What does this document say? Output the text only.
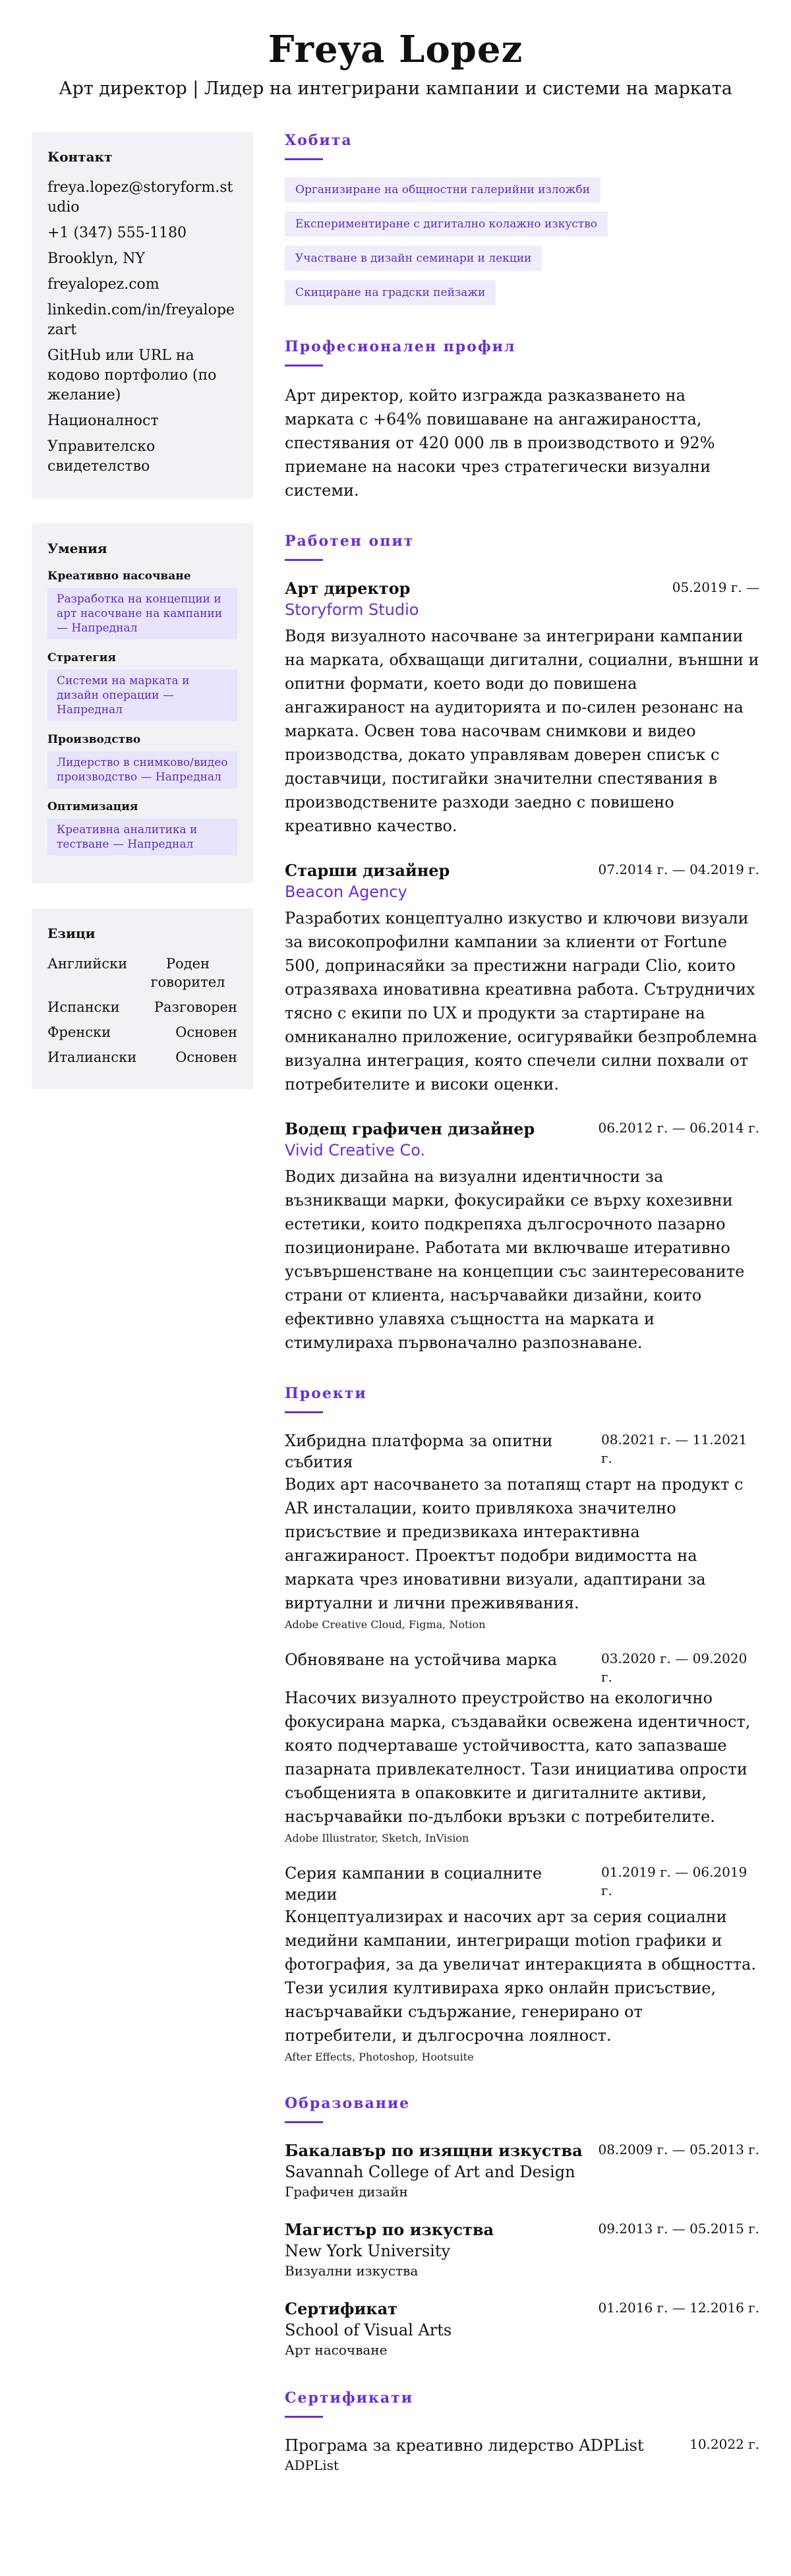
Freya Lopez
Арт директор | Лидер на интегрирани кампании и системи на марката
Контакт
freya.lopez@storyform.studio
+1 (347) 555-1180
Brooklyn, NY
freyalopez.com
linkedin.com/in/freyalopezart
GitHub или URL на кодово портфолио (по желание)
Националност
Управителско свидетелство
Умения
Креативно насочване
Разработка на концепции и арт насочване на кампании — Напреднал
Стратегия
Системи на марката и дизайн операции — Напреднал
Производство
Лидерство в снимково/видео производство — Напреднал
Оптимизация
Креативна аналитика и тестване — Напреднал
Езици
Английски	Роден говорител
Испански Разговорен
Френски	Основен
Италиански	Основен
Хобита
Организиране на общностни галерийни изложби
Експериментиране с дигитално колажно изкуство
Участване в дизайн семинари и лекции
Скициране на градски пейзажи
Професионален профил
Арт директор, който изгражда разказването на марката с +64% повишаване на ангажираността, спестявания от 420 000 лв в производството и 92% приемане на насоки чрез стратегически визуални системи.
Работен опит
Арт директор	05.2019 г. —
Storyform Studio
Водя визуалното насочване за интегрирани кампании на марката, обхващащи дигитални, социални, външни и опитни формати, което води до повишена ангажираност на аудиторията и по-силен резонанс на марката. Освен това насочвам снимкови и видео производства, докато управлявам доверен списък с доставчици, постигайки значителни спестявания в производствените разходи заедно с повишено креативно качество.
Старши дизайнер	07.2014 г. — 04.2019 г.
Beacon Agency
Разработих концептуално изкуство и ключови визуали за високопрофилни кампании за клиенти от Fortune 500, допринасяйки за престижни награди Clio, които отразяваха иновативна креативна работа. Сътрудничих тясно с екипи по UX и продукти за стартиране на омниканално приложение, осигурявайки безпроблемна визуална интеграция, която спечели силни похвали от потребителите и високи оценки.
Водещ графичен дизайнер	06.2012 г. — 06.2014 г.
Vivid Creative Co.
Водих дизайна на визуални идентичности за възникващи марки, фокусирайки се върху кохезивни естетики, които подкрепяха дългосрочното пазарно позициониране. Работата ми включваше итеративно усъвършенстване на концепции със заинтересованите страни от клиента, насърчавайки дизайни, които ефективно улавяха същността на марката и стимулираха първоначално разпознаване.
Проекти
Хибридна платформа за опитни събития
08.2021 г. — 11.2021 г.
Водих арт насочването за потапящ старт на продукт с AR инсталации, които привлякоха значително присъствие и предизвикаха интерактивна ангажираност. Проектът подобри видимостта на марката чрез иновативни визуали, адаптирани за виртуални и лични преживявания.
Adobe Creative Cloud, Figma, Notion
Обновяване на устойчива марка	03.2020 г. — 09.2020 г.
Насочих визуалното преустройство на екологично фокусирана марка, създавайки освежена идентичност, която подчертаваше устойчивостта, като запазваше пазарната привлекателност. Тази инициатива опрости съобщенията в опаковките и дигиталните активи, насърчавайки по-дълбоки връзки с потребителите.
Adobe Illustrator, Sketch, InVision
Серия кампании в социалните медии
01.2019 г. — 06.2019 г.
Концептуализирах и насочих арт за серия социални медийни кампании, интегриращи motion графики и фотография, за да увеличат интеракцията в общността. Тези усилия култивираха ярко онлайн присъствие, насърчавайки съдържание, генерирано от потребители, и дългосрочна лоялност.
After Effects, Photoshop, Hootsuite
Образование
Бакалавър по изящни изкуства 08.2009 г. — 05.2013 г.
Savannah College of Art and Design
Графичен дизайн
Магистър по изкуства	09.2013 г. — 05.2015 г.
New York University
Визуални изкуства
Сертификат	01.2016 г. — 12.2016 г.
School of Visual Arts
Арт насочване
Сертификати
Програма за креативно лидерство ADPList	10.2022 г.
ADPList
